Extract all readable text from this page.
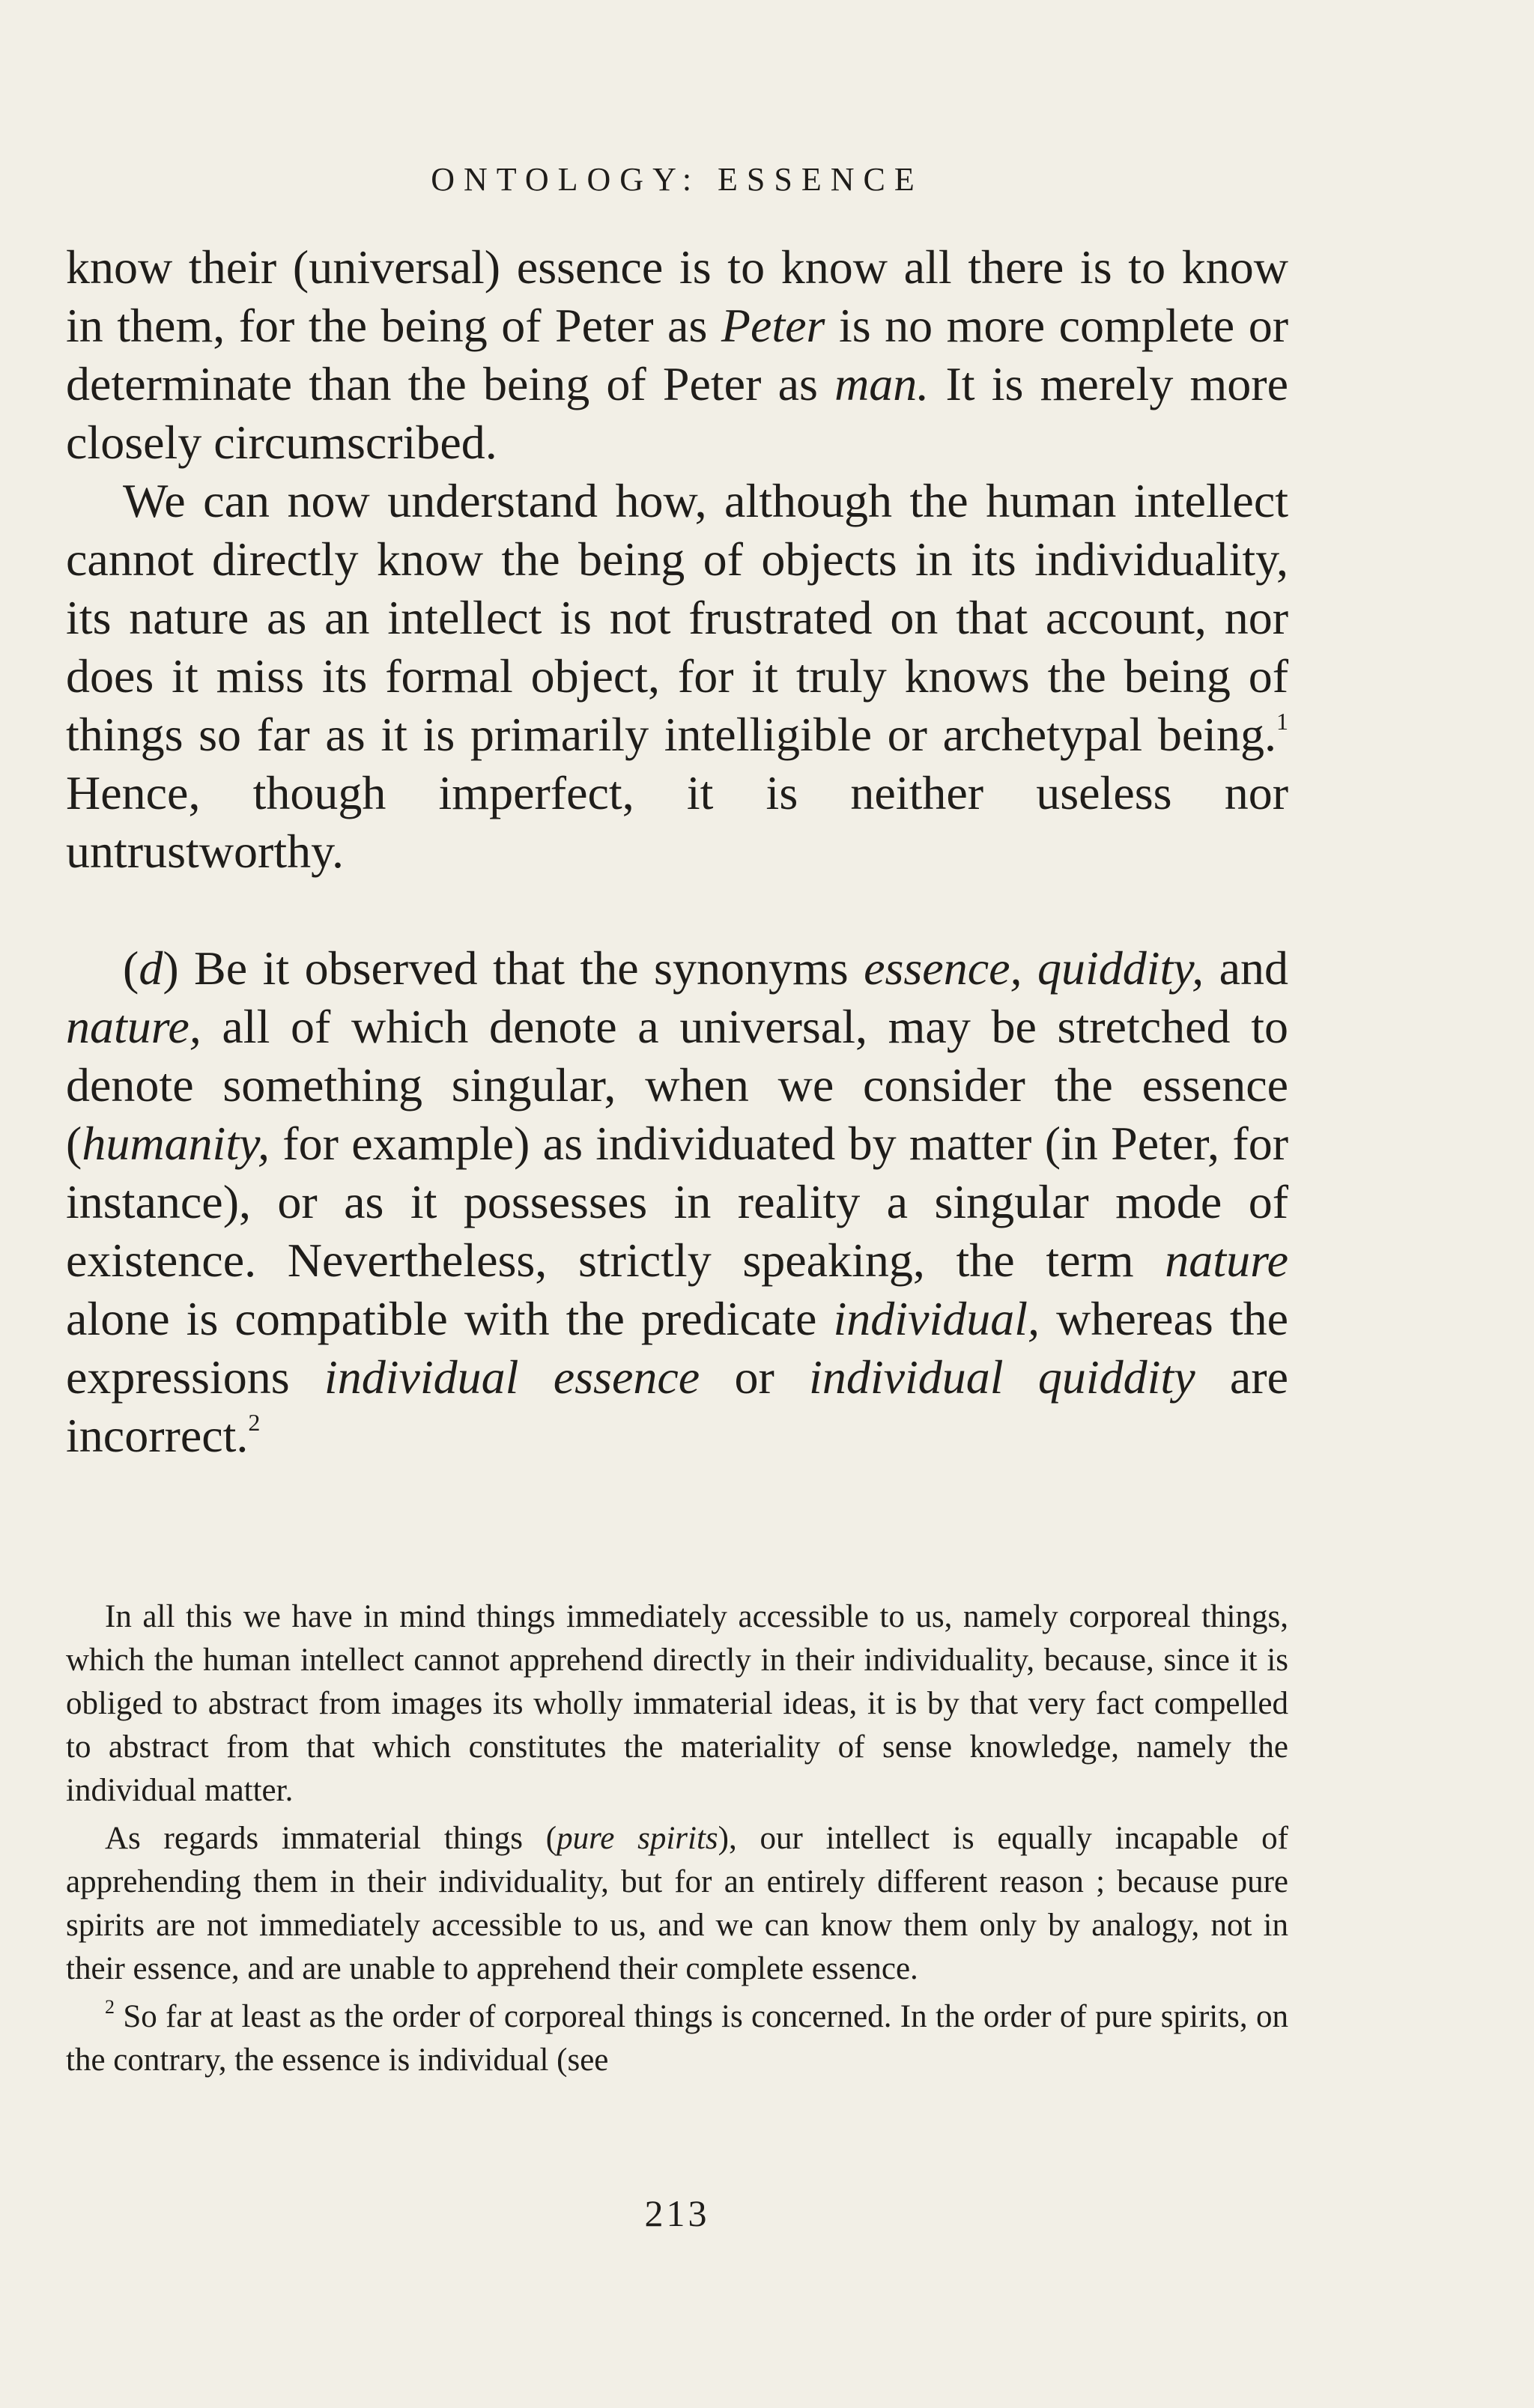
ONTOLOGY: ESSENCE

know their (universal) essence is to know all there is to know in them, for the being of Peter as Peter is no more complete or determinate than the being of Peter as man. It is merely more closely circumscribed.

We can now understand how, although the human intellect cannot directly know the being of objects in its individuality, its nature as an intellect is not frustrated on that account, nor does it miss its formal object, for it truly knows the being of things so far as it is primarily intelligible or archetypal being.$^1$ Hence, though imperfect, it is neither useless nor untrustworthy.

(d) Be it observed that the synonyms essence, quiddity, and nature, all of which denote a universal, may be stretched to denote something singular, when we consider the essence (humanity, for example) as individuated by matter (in Peter, for instance), or as it possesses in reality a singular mode of existence. Nevertheless, strictly speaking, the term nature alone is compatible with the predicate individual, whereas the expressions individual essence or individual quiddity are incorrect.$^2$

In all this we have in mind things immediately accessible to us, namely corporeal things, which the human intellect cannot apprehend directly in their individuality, because, since it is obliged to abstract from images its wholly immaterial ideas, it is by that very fact compelled to abstract from that which constitutes the materiality of sense knowledge, namely the individual matter.

As regards immaterial things (pure spirits), our intellect is equally incapable of apprehending them in their individuality, but for an entirely different reason ; because pure spirits are not immediately accessible to us, and we can know them only by analogy, not in their essence, and are unable to apprehend their complete essence.

$^2$ So far at least as the order of corporeal things is concerned. In the order of pure spirits, on the contrary, the essence is individual (see

213
